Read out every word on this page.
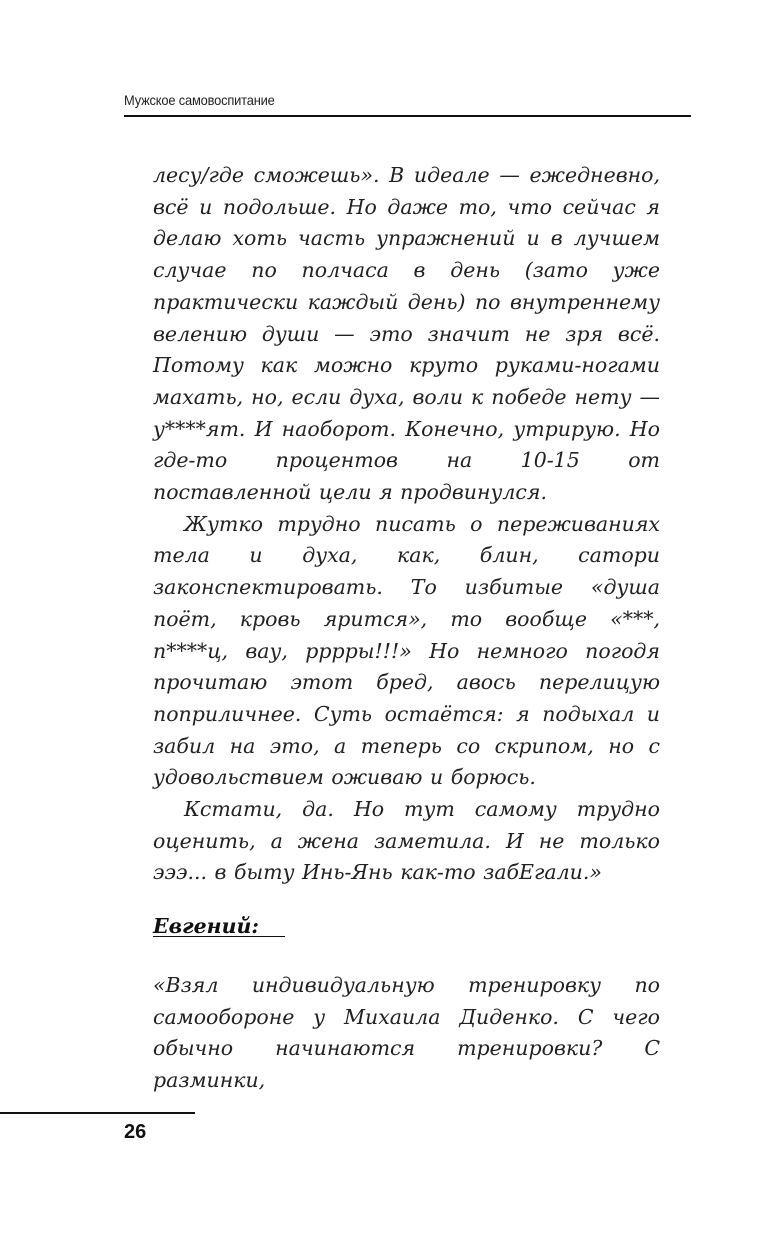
Мужское самовоспитание

лесу/где сможешь». В идеале — ежедневно, всё и подольше. Но даже то, что сейчас я делаю хоть часть упражнений и в лучшем случае по полчаса в день (зато уже практически каждый день) по внутреннему велению души — это значит не зря всё. Потому как можно круто руками-ногами махать, но, если духа, воли к победе нету — у****ят. И наоборот. Конечно, утрирую. Но где-то процентов на 10-15 от поставленной цели я продвинулся.

Жутко трудно писать о переживаниях тела и духа, как, блин, сатори законспектировать. То избитые «душа поёт, кровь ярится», то вообще «***, п****ц, вау, рррры!!!» Но немного погодя прочитаю этот бред, авось перелицую поприличнее. Суть остаётся: я подыхал и забил на это, а теперь со скрипом, но с удовольствием оживаю и борюсь.

Кстати, да. Но тут самому трудно оценить, а жена заметила. И не только эээ... в быту Инь-Янь как-то забЕгали.»

Евгений:

«Взял индивидуальную тренировку по самообороне у Михаила Диденко. С чего обычно начинаются тренировки? С разминки,

26
